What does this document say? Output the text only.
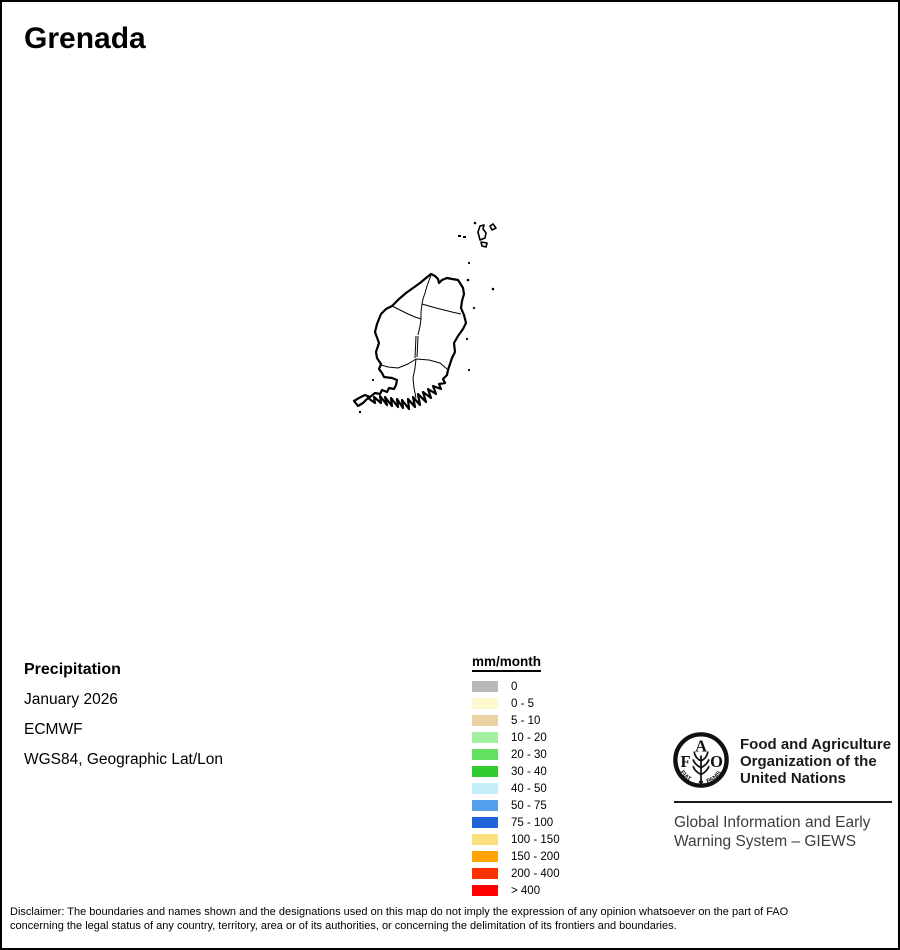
Grenada
Precipitation
January 2026
ECMWF
WGS84, Geographic Lat/Lon
mm/month
0
0 - 5
5 - 10
10 - 20
20 - 30
30 - 40
40 - 50
50 - 75
75 - 100
100 - 150
150 - 200
200 - 400
> 400
F
A
O
FIAT PANIS
Food and Agriculture
Organization of the
United Nations
Global Information and Early
Warning System – GIEWS
Disclaimer: The boundaries and names shown and the designations used on this map do not imply the expression of any opinion whatsoever on the part of FAO
concerning the legal status of any country, territory, area or of its authorities, or concerning the delimitation of its frontiers and boundaries.
